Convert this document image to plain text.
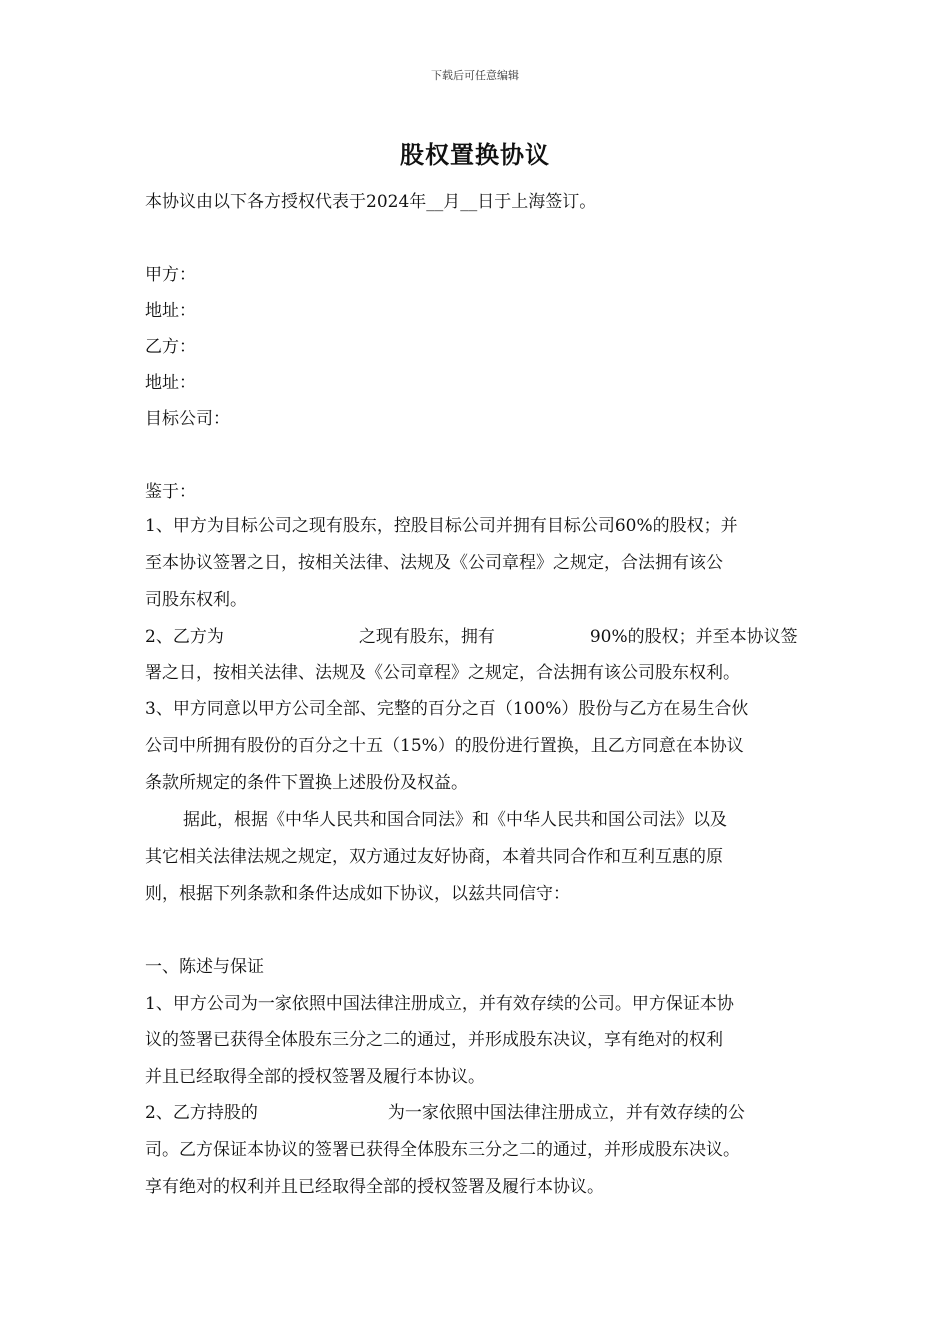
下载后可任意编辑
股权置换协议
本协议由以下各方授权代表于2024年__月__日于上海签订。
甲方：
地址：
乙方：
地址：
目标公司：
鉴于：
1、甲方为目标公司之现有股东，控股目标公司并拥有目标公司60%的股权；并
至本协议签署之日，按相关法律、法规及《公司章程》之规定，合法拥有该公
司股东权利。
2、乙方为	之现有股东，拥有	90%的股权；并至本协议签
署之日，按相关法律、法规及《公司章程》之规定，合法拥有该公司股东权利。
3、甲方同意以甲方公司全部、完整的百分之百（100%）股份与乙方在易生合伙
公司中所拥有股份的百分之十五（15%）的股份进行置换，且乙方同意在本协议
条款所规定的条件下置换上述股份及权益。
据此，根据《中华人民共和国合同法》和《中华人民共和国公司法》以及
其它相关法律法规之规定，双方通过友好协商，本着共同合作和互利互惠的原
则，根据下列条款和条件达成如下协议，以兹共同信守：
一、陈述与保证
1、甲方公司为一家依照中国法律注册成立，并有效存续的公司。甲方保证本协
议的签署已获得全体股东三分之二的通过，并形成股东决议，享有绝对的权利
并且已经取得全部的授权签署及履行本协议。
2、乙方持股的	为一家依照中国法律注册成立，并有效存续的公
司。乙方保证本协议的签署已获得全体股东三分之二的通过，并形成股东决议。
享有绝对的权利并且已经取得全部的授权签署及履行本协议。
